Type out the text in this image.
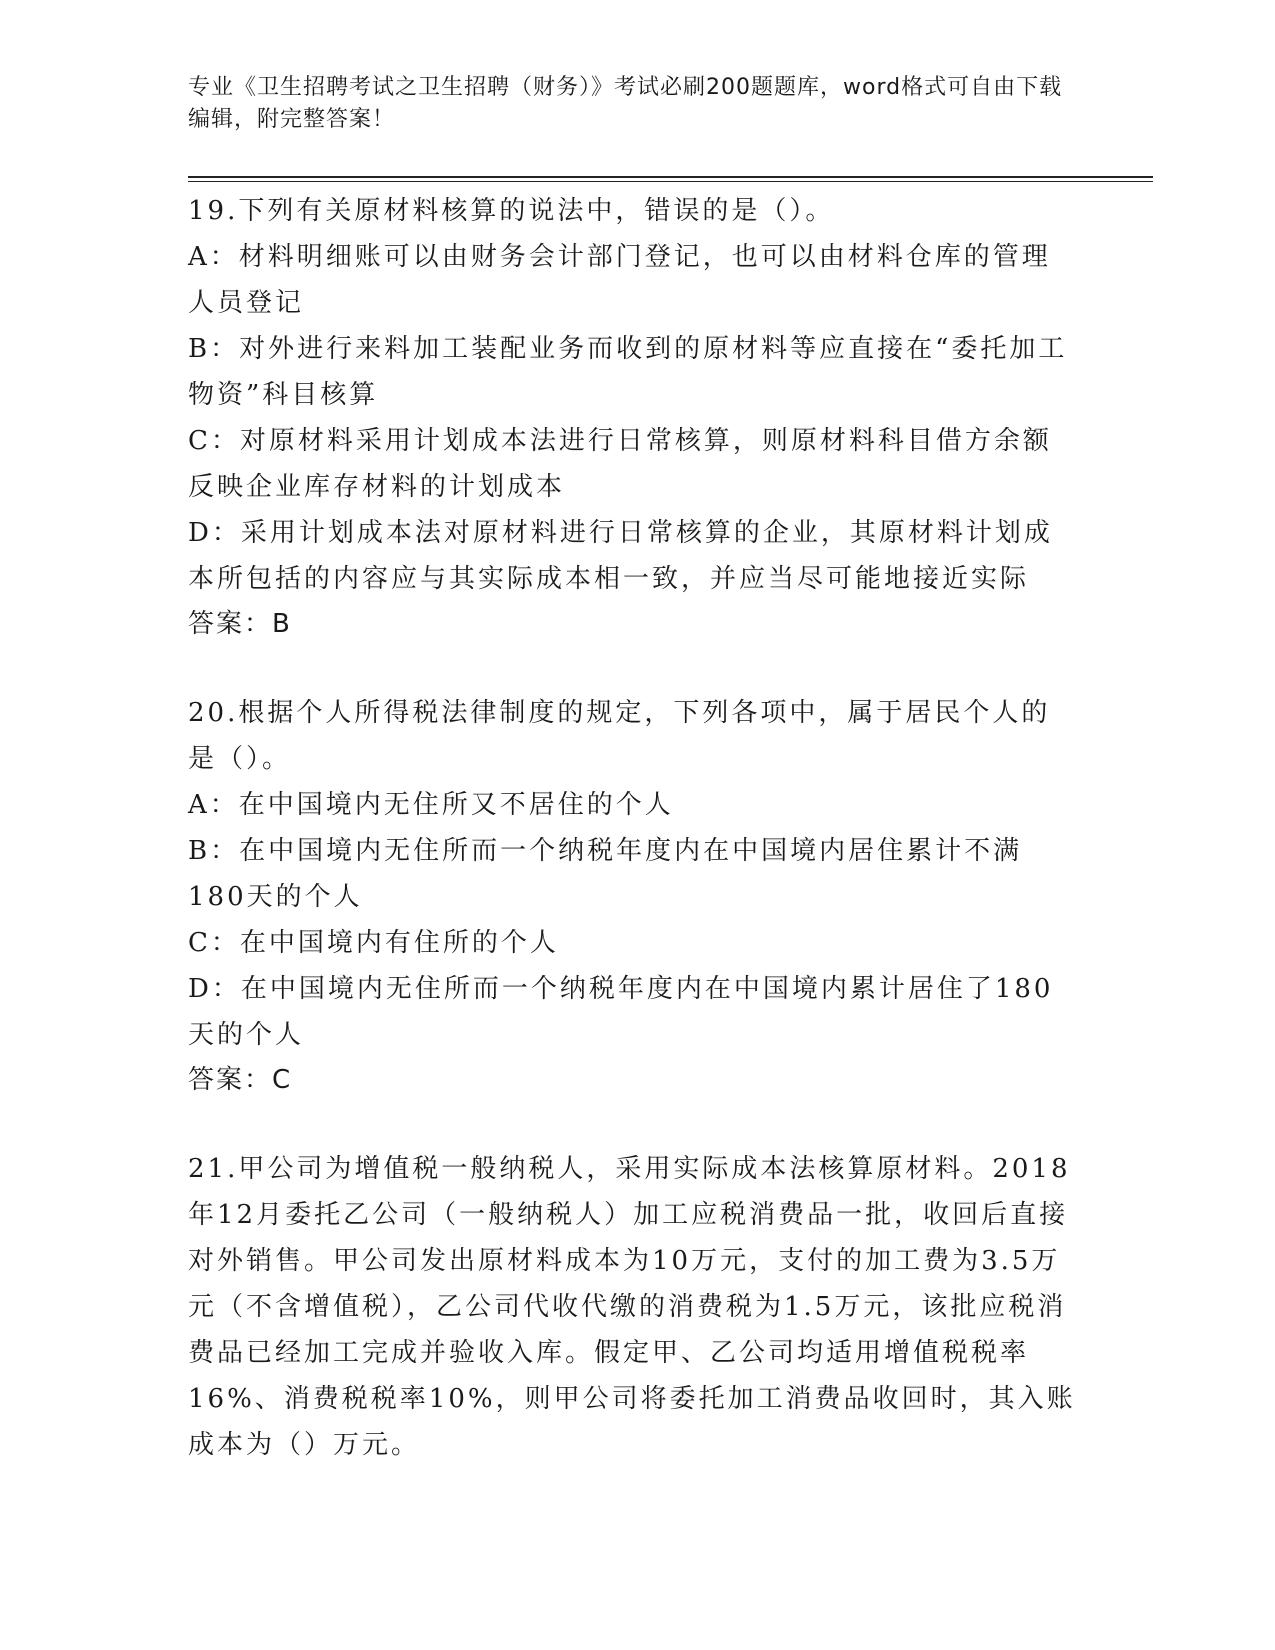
专业《卫生招聘考试之卫生招聘（财务）》考试必刷200题题库，word格式可自由下载编辑，附完整答案！

19.下列有关原材料核算的说法中，错误的是（）。

A：材料明细账可以由财务会计部门登记，也可以由材料仓库的管理人员登记

B：对外进行来料加工装配业务而收到的原材料等应直接在“委托加工物资”科目核算

C：对原材料采用计划成本法进行日常核算，则原材料科目借方余额反映企业库存材料的计划成本

D：采用计划成本法对原材料进行日常核算的企业，其原材料计划成本所包括的内容应与其实际成本相一致，并应当尽可能地接近实际

答案：B

20.根据个人所得税法律制度的规定，下列各项中，属于居民个人的是（）。

A：在中国境内无住所又不居住的个人

B：在中国境内无住所而一个纳税年度内在中国境内居住累计不满180天的个人

C：在中国境内有住所的个人

D：在中国境内无住所而一个纳税年度内在中国境内累计居住了180天的个人

答案：C

21.甲公司为增值税一般纳税人，采用实际成本法核算原材料。2018年12月委托乙公司（一般纳税人）加工应税消费品一批，收回后直接对外销售。甲公司发出原材料成本为10万元，支付的加工费为3.5万元（不含增值税），乙公司代收代缴的消费税为1.5万元，该批应税消费品已经加工完成并验收入库。假定甲、乙公司均适用增值税税率16%、消费税税率10%，则甲公司将委托加工消费品收回时，其入账成本为（）万元。
